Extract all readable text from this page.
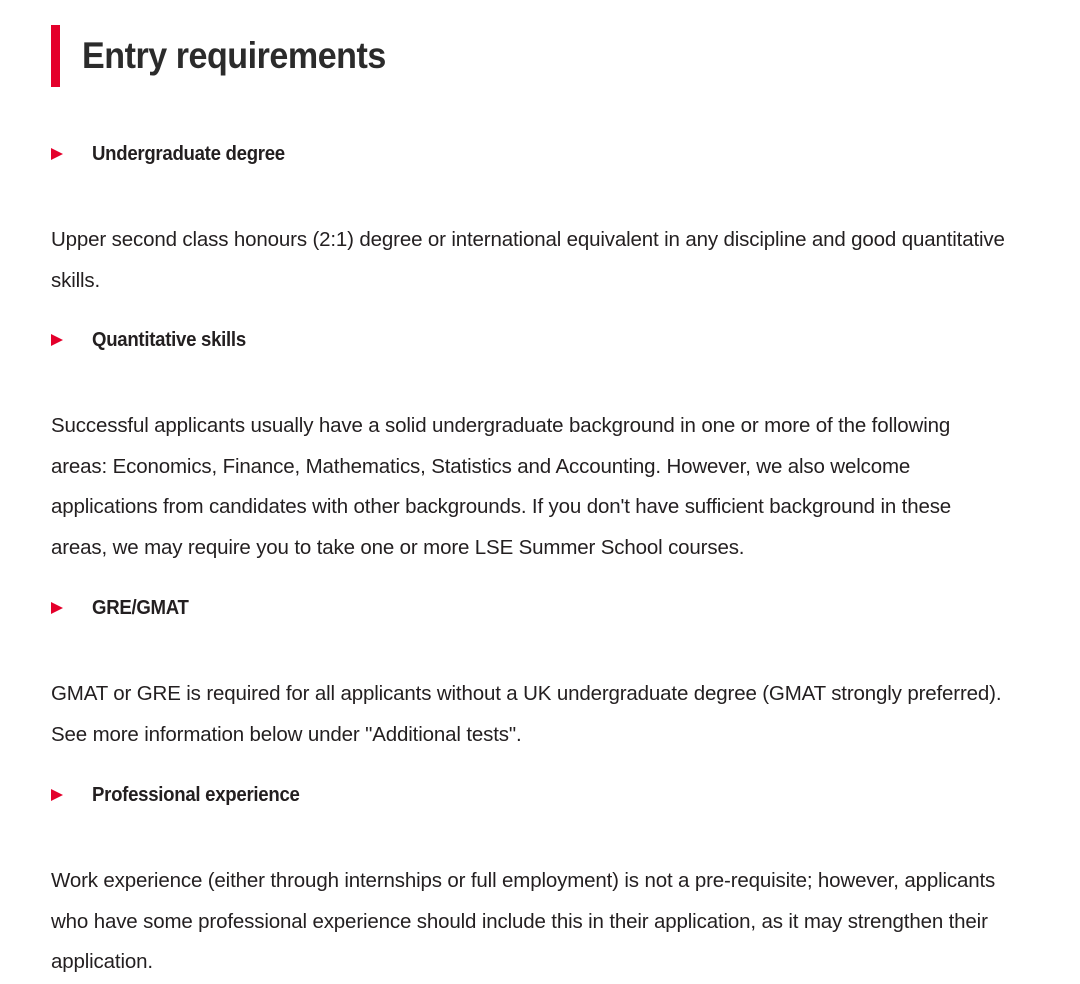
Entry requirements
Undergraduate degree

Upper second class honours (2:1) degree or international equivalent in any discipline and good quantitative skills.

Quantitative skills

Successful applicants usually have a solid undergraduate background in one or more of the following areas: Economics, Finance, Mathematics, Statistics and Accounting. However, we also welcome applications from candidates with other backgrounds. If you don't have sufficient background in these areas, we may require you to take one or more LSE Summer School courses.

GRE/GMAT

GMAT or GRE is required for all applicants without a UK undergraduate degree (GMAT strongly preferred). See more information below under "Additional tests".

Professional experience

Work experience (either through internships or full employment) is not a pre-requisite; however, applicants who have some professional experience should include this in their application, as it may strengthen their application.
